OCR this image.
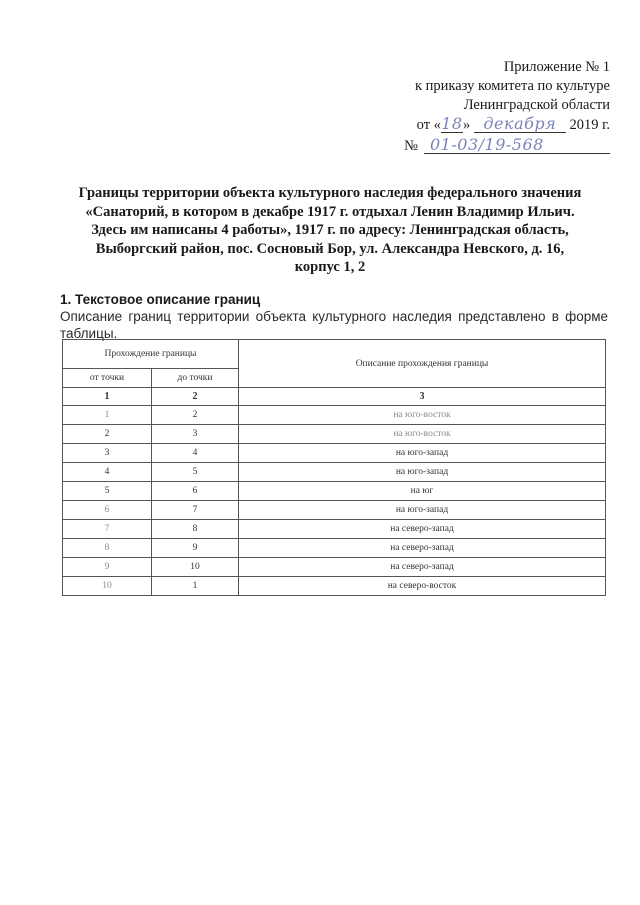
Приложение № 1
к приказу комитета по культуре
Ленинградской области
от «18» декабря 2019 г.
№ 01-03/19-568
Границы территории объекта культурного наследия федерального значения
«Санаторий, в котором в декабре 1917 г. отдыхал Ленин Владимир Ильич.
Здесь им написаны 4 работы», 1917 г. по адресу: Ленинградская область,
Выборгский район, пос. Сосновый Бор, ул. Александра Невского, д. 16,
корпус 1, 2
1. Текстовое описание границ
Описание границ территории объекта культурного наследия представлено в форме таблицы.
Прохождение границы		Описание прохождения границы
от точки	до точки	
1	2	3
1	2	на юго-восток
2	3	на юго-восток
3	4	на юго-запад
4	5	на юго-запад
5	6	на юг
6	7	на юго-запад
7	8	на северо-запад
8	9	на северо-запад
9	10	на северо-запад
10	1	на северо-восток
